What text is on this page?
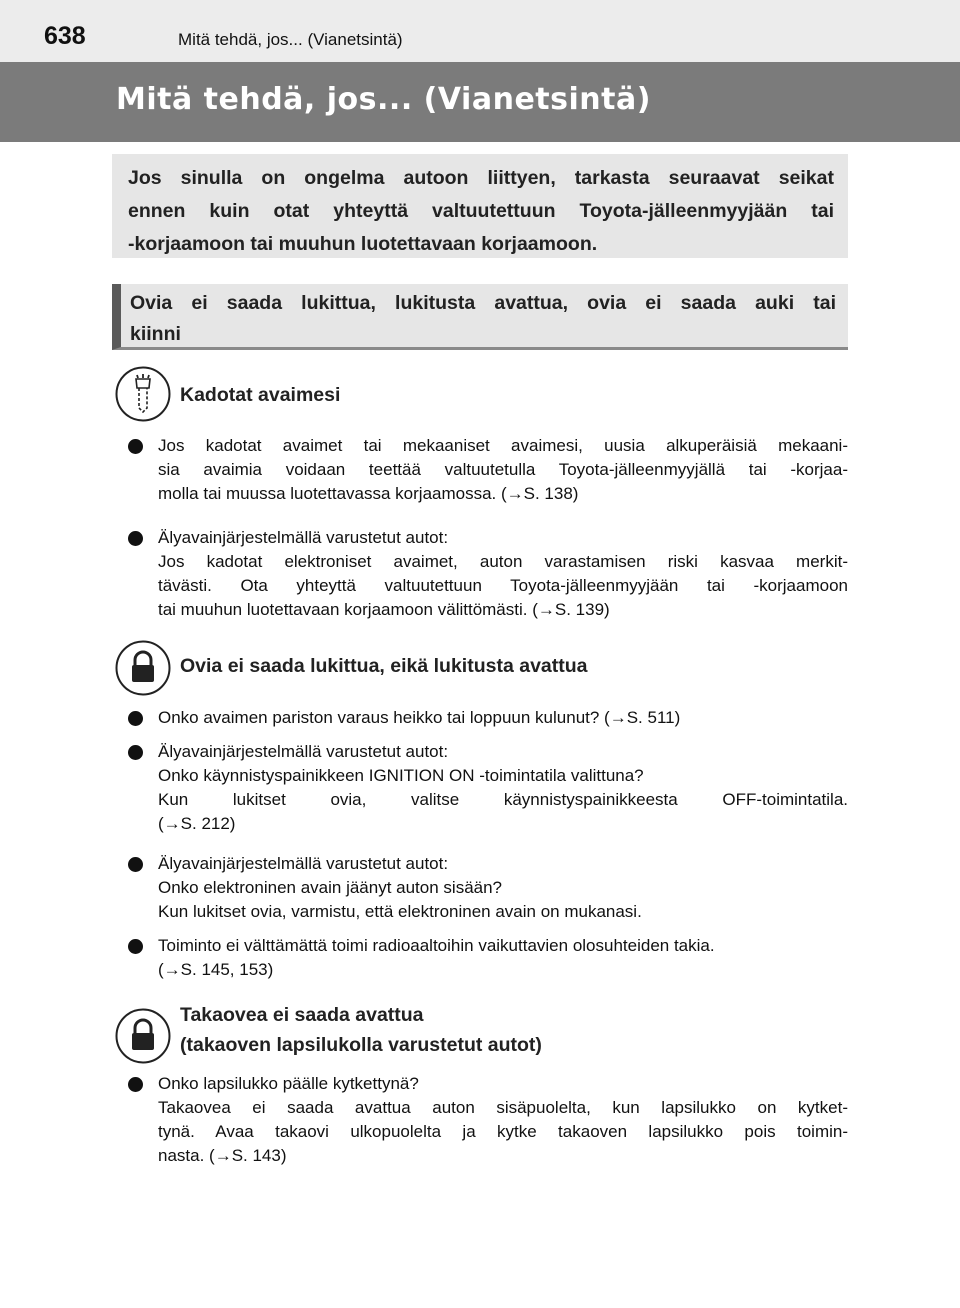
638	Mitä tehdä, jos... (Vianetsintä)
Mitä tehdä, jos... (Vianetsintä)

Jos sinulla on ongelma autoon liittyen, tarkasta seuraavat seikat

ennen kuin otat yhteyttä valtuutettuun Toyota-jälleenmyyjään tai

-korjaamoon tai muuhun luotettavaan korjaamoon.

Ovia ei saada lukittua, lukitusta avattua, ovia ei saada auki tai

kiinni

Kadotat avaimesi
Jos kadotat avaimet tai mekaaniset avaimesi, uusia alkuperäisiä mekaani-
sia avaimia voidaan teettää valtuutetulla Toyota-jälleenmyyjällä tai -korjaa-
molla tai muussa luotettavassa korjaamossa. (→S. 138)
Älyavainjärjestelmällä varustetut autot:
Jos kadotat elektroniset avaimet, auton varastamisen riski kasvaa merkit-
tävästi. Ota yhteyttä valtuutettuun Toyota-jälleenmyyjään tai -korjaamoon
tai muuhun luotettavaan korjaamoon välittömästi. (→S. 139)
Ovia ei saada lukittua, eikä lukitusta avattua
Onko avaimen pariston varaus heikko tai loppuun kulunut? (→S. 511)
Älyavainjärjestelmällä varustetut autot:
Onko käynnistyspainikkeen IGNITION ON -toimintatila valittuna?
Kun lukitset ovia, valitse käynnistyspainikkeesta OFF-toimintatila.
(→S. 212)
Älyavainjärjestelmällä varustetut autot:
Onko elektroninen avain jäänyt auton sisään?
Kun lukitset ovia, varmistu, että elektroninen avain on mukanasi.
Toiminto ei välttämättä toimi radioaaltoihin vaikuttavien olosuhteiden takia.
(→S. 145, 153)
Takaovea ei saada avattua
(takaoven lapsilukolla varustetut autot)
Onko lapsilukko päälle kytkettynä?
Takaovea ei saada avattua auton sisäpuolelta, kun lapsilukko on kytket-
tynä. Avaa takaovi ulkopuolelta ja kytke takaoven lapsilukko pois toimin-
nasta. (→S. 143)
